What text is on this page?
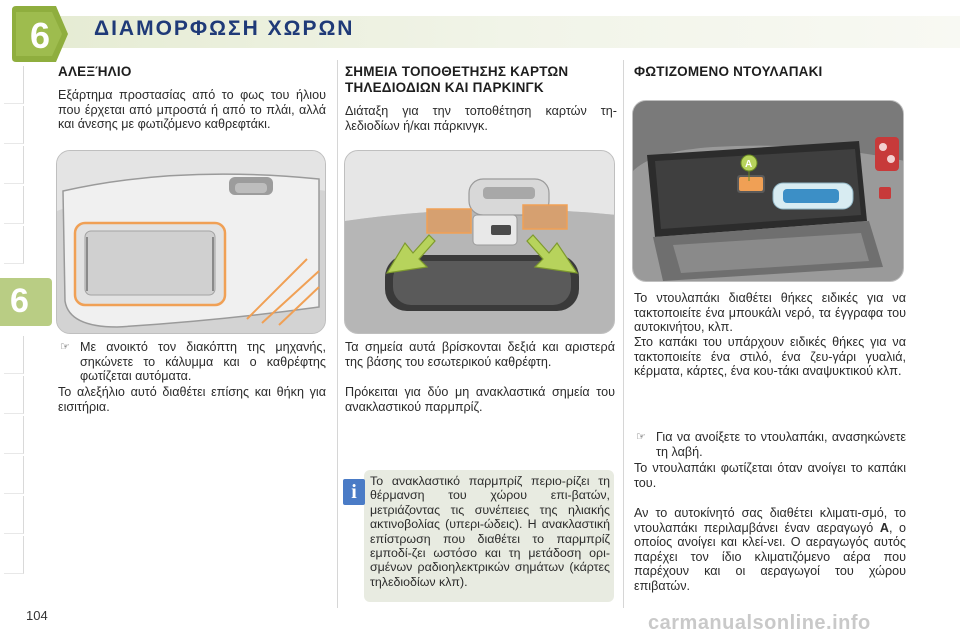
6 ΔΙΑΜΟΡΦΩΣΗ ΧΩΡΩΝ
6
ΑΛΕΞΉΛΙΟ

Εξάρτημα προστασίας από το φως του ήλιου που έρχεται από μπροστά ή από το πλάι, αλλά και άνεσης με φωτιζόμενο καθρεφτάκι.

☞ Με ανοικτό τον διακόπτη της μηχανής, σηκώνετε το κάλυμμα και ο καθρέφτης φωτίζεται αυτόματα.

Το αλεξήλιο αυτό διαθέτει επίσης και θήκη για εισιτήρια.

ΣΗΜΕΙΑ ΤΟΠΟΘΕΤΗΣΗΣ ΚΑΡΤΩΝ
ΤΗΛΕΔΙΟΔΙΩΝ ΚΑΙ ΠΑΡΚΙΝΓΚ

Διάταξη για την τοποθέτηση καρτών τη-λεδιοδίων ή/και πάρκινγκ.

Τα σημεία αυτά βρίσκονται δεξιά και αριστερά της βάσης του εσωτερικού καθρέφτη.

Πρόκειται για δύο μη ανακλαστικά σημεία του ανακλαστικού παρμπρίζ.

i	Το ανακλαστικό παρμπρίζ περιο-ρίζει τη θέρμανση του χώρου επι-βατών, μετριάζοντας τις συνέπειες της ηλιακής ακτινοβολίας (υπερι-ώδεις). Η ανακλαστική επίστρωση που διαθέτει το παρμπρίζ εμποδί-ζει ωστόσο και τη μετάδοση ορι-σμένων ραδιοηλεκτρικών σημάτων (κάρτες τηλεδιοδίων κλπ).

ΦΩΤΙΖΟΜΕΝΟ ΝΤΟΥΛΑΠΑΚΙ
A

Το ντουλαπάκι διαθέτει θήκες ειδικές για να τακτοποιείτε ένα μπουκάλι νερό, τα έγγραφα του αυτοκινήτου, κλπ.

Στο καπάκι του υπάρχουν ειδικές θήκες για να τακτοποιείτε ένα στιλό, ένα ζευ-γάρι γυαλιά, κέρματα, κάρτες, ένα κου-τάκι αναψυκτικού κλπ.

☞ Για να ανοίξετε το ντουλαπάκι, ανασηκώνετε τη λαβή.

Το ντουλαπάκι φωτίζεται όταν ανοίγει το καπάκι του.

Αν το αυτοκίνητό σας διαθέτει κλιματι-σμό, το ντουλαπάκι περιλαμβάνει έναν αεραγωγό A, ο οποίος ανοίγει και κλεί-νει. Ο αεραγωγός αυτός παρέχει τον ίδιο κλιματιζόμενο αέρα που παρέχουν και οι αεραγωγοί του χώρου επιβατών.

104	carmanualsonline.info
